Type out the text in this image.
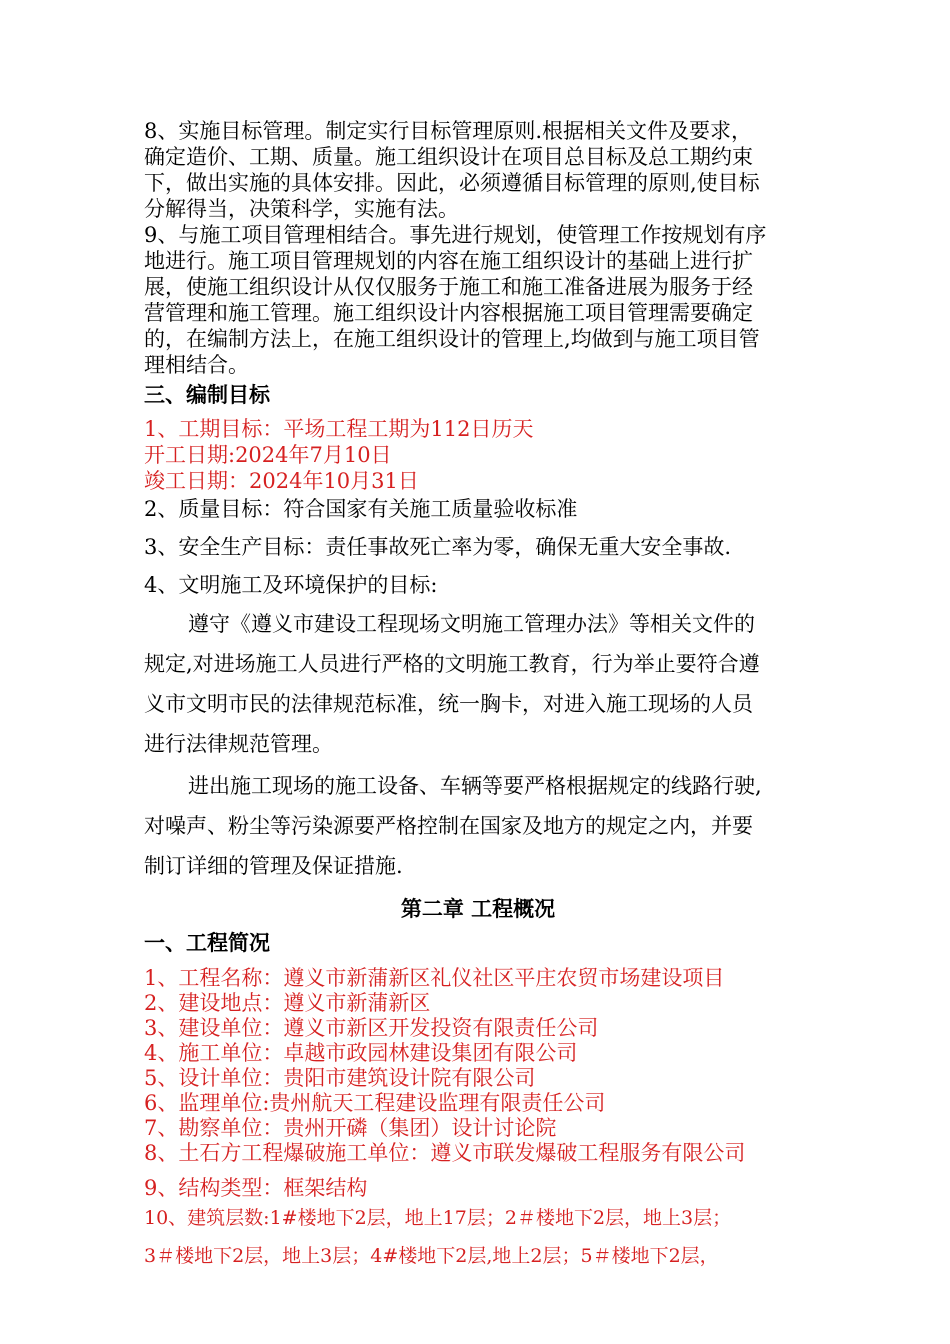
8、实施目标管理。制定实行目标管理原则.根据相关文件及要求，

确定造价、工期、质量。施工组织设计在项目总目标及总工期约束

下，做出实施的具体安排。因此，必须遵循目标管理的原则,使目标

分解得当，决策科学，实施有法。

9、与施工项目管理相结合。事先进行规划，使管理工作按规划有序

地进行。施工项目管理规划的内容在施工组织设计的基础上进行扩

展，使施工组织设计从仅仅服务于施工和施工准备进展为服务于经

营管理和施工管理。施工组织设计内容根据施工项目管理需要确定

的，在编制方法上，在施工组织设计的管理上,均做到与施工项目管

理相结合。

三、编制目标

1、工期目标：平场工程工期为112日历天

开工日期:2024年7月10日

竣工日期：2024年10月31日

2、质量目标：符合国家有关施工质量验收标准

3、安全生产目标：责任事故死亡率为零，确保无重大安全事故.

4、文明施工及环境保护的目标:

遵守《遵义市建设工程现场文明施工管理办法》等相关文件的

规定,对进场施工人员进行严格的文明施工教育，行为举止要符合遵

义市文明市民的法律规范标准，统一胸卡，对进入施工现场的人员

进行法律规范管理。

进出施工现场的施工设备、车辆等要严格根据规定的线路行驶,

对噪声、粉尘等污染源要严格控制在国家及地方的规定之内，并要

制订详细的管理及保证措施.

第二章 工程概况

一、工程简况

1、工程名称：遵义市新蒲新区礼仪社区平庄农贸市场建设项目

2、建设地点：遵义市新蒲新区

3、建设单位：遵义市新区开发投资有限责任公司

4、施工单位：卓越市政园林建设集团有限公司

5、设计单位：贵阳市建筑设计院有限公司

6、监理单位:贵州航天工程建设监理有限责任公司

7、勘察单位：贵州开磷（集团）设计讨论院

8、土石方工程爆破施工单位：遵义市联发爆破工程服务有限公司

9、结构类型：框架结构

10、建筑层数:1#楼地下2层，地上17层；2＃楼地下2层，地上3层；

3＃楼地下2层，地上3层；4#楼地下2层,地上2层；5＃楼地下2层，
